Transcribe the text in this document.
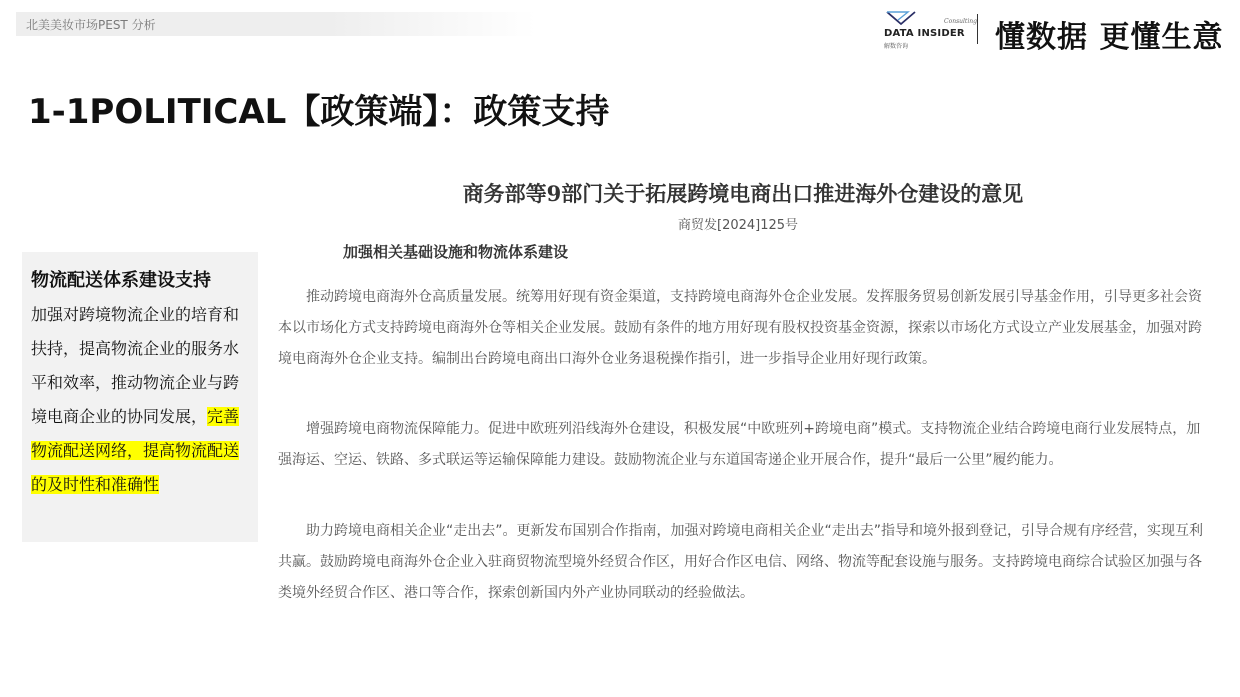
北美美妆市场PEST 分析	Consulting
DATA INSIDER
解数咨询	懂数据 更懂生意
1-1POLITICAL【政策端】：政策支持
物流配送体系建设支持
加强对跨境物流企业的培育和扶持，提高物流企业的服务水平和效率，推动物流企业与跨境电商企业的协同发展，完善物流配送网络，提高物流配送的及时性和准确性
商务部等9部门关于拓展跨境电商出口推进海外仓建设的意见
商贸发[2024]125号
加强相关基础设施和物流体系建设

推动跨境电商海外仓高质量发展。统筹用好现有资金渠道，支持跨境电商海外仓企业发展。发挥服务贸易创新发展引导基金作用，引导更多社会资本以市场化方式支持跨境电商海外仓等相关企业发展。鼓励有条件的地方用好现有股权投资基金资源，探索以市场化方式设立产业发展基金，加强对跨境电商海外仓企业支持。编制出台跨境电商出口海外仓业务退税操作指引，进一步指导企业用好现行政策。

增强跨境电商物流保障能力。促进中欧班列沿线海外仓建设，积极发展“中欧班列+跨境电商”模式。支持物流企业结合跨境电商行业发展特点，加强海运、空运、铁路、多式联运等运输保障能力建设。鼓励物流企业与东道国寄递企业开展合作，提升“最后一公里”履约能力。

助力跨境电商相关企业“走出去”。更新发布国别合作指南，加强对跨境电商相关企业“走出去”指导和境外报到登记，引导合规有序经营，实现互利共赢。鼓励跨境电商海外仓企业入驻商贸物流型境外经贸合作区，用好合作区电信、网络、物流等配套设施与服务。支持跨境电商综合试验区加强与各类境外经贸合作区、港口等合作，探索创新国内外产业协同联动的经验做法。
